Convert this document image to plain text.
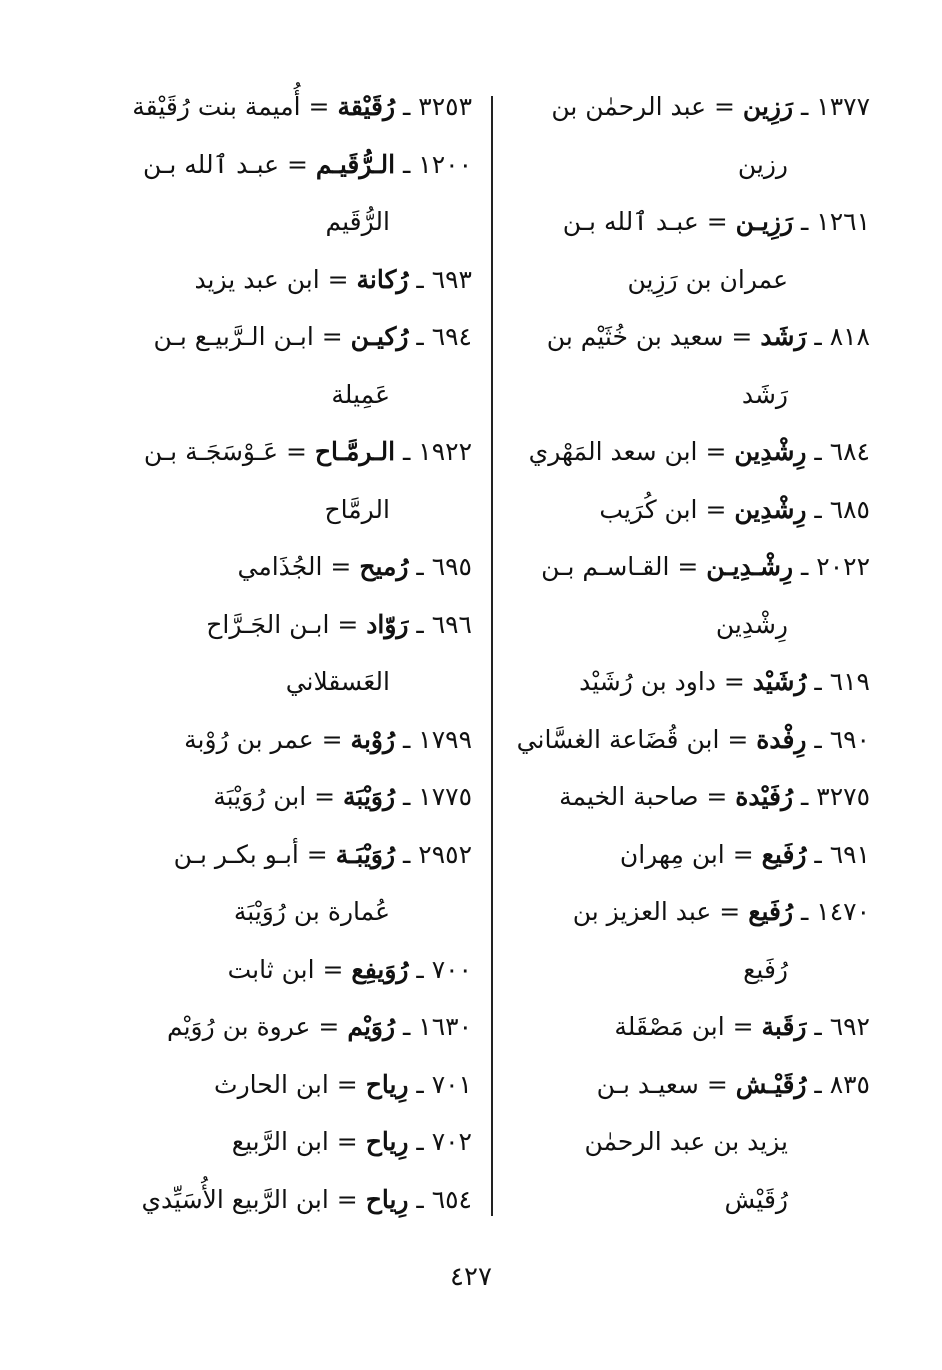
١٣٧٧ ـ رَزِين = عبد الرحمٰن بن
رزين

١٢٦١ ـ رَزِيـن = عبـد ٱلله بـن
عمران بن رَزِين

٨١٨ ـ رَشَد = سعيد بن خُثَيْم بن
رَشَد

٦٨٤ ـ رِشْدِين = ابن سعد المَهْري

٦٨٥ ـ رِشْدِين = ابن كُرَيب

٢٠٢٢ ـ رِشْـدِيـن = القـاسـم بـن
رِشْدِين

٦١٩ ـ رُشَيْد = داود بن رُشَيْد

٦٩٠ ـ رِفْدة = ابن قُضَاعة الغسَّاني

٣٢٧٥ ـ رُفَيْدة = صاحبة الخيمة

٦٩١ ـ رُفَيع = ابن مِهران

١٤٧٠ ـ رُفَيع = عبد العزيز بن
رُفَيع

٦٩٢ ـ رَقَبة = ابن مَصْقَلة

٨٣٥ ـ رُقَيْـش = سعيـد بـن
يزيد بن عبد الرحمٰن
رُقَيْش

٣٢٥٣ ـ رُقَيْقة = أُميمة بنت رُقَيْقة

١٢٠٠ ـ الـرُّقَيـم = عبـد ٱلله بـن
الرُّقَيم

٦٩٣ ـ رُكانة = ابن عبد يزيد

٦٩٤ ـ رُكيـن = ابـن الـرَّبيـع بـن
عَمِيلة

١٩٢٢ ـ الـرمَّـاح = عَـوْسَجَـة بـن
الرمَّاح

٦٩٥ ـ رُميح = الجُذَامي

٦٩٦ ـ رَوّاد = ابـن الجَـرَّاح
العَسقلاني

١٧٩٩ ـ رُوْبة = عمر بن رُوْبة

١٧٧٥ ـ رُوَيْبَة = ابن رُوَيْبَة

٢٩٥٢ ـ رُوَيْبَـة = أبـو بكـر بـن
عُمارة بن رُوَيْبَة

٧٠٠ ـ رُوَيفِع = ابن ثابت

١٦٣٠ ـ رُوَيْم = عروة بن رُوَيْم

٧٠١ ـ رِياح = ابن الحارث

٧٠٢ ـ رِياح = ابن الرَّبيع

٦٥٤ ـ رِياح = ابن الرَّبيع الأُسَيِّدي

٤٢٧
